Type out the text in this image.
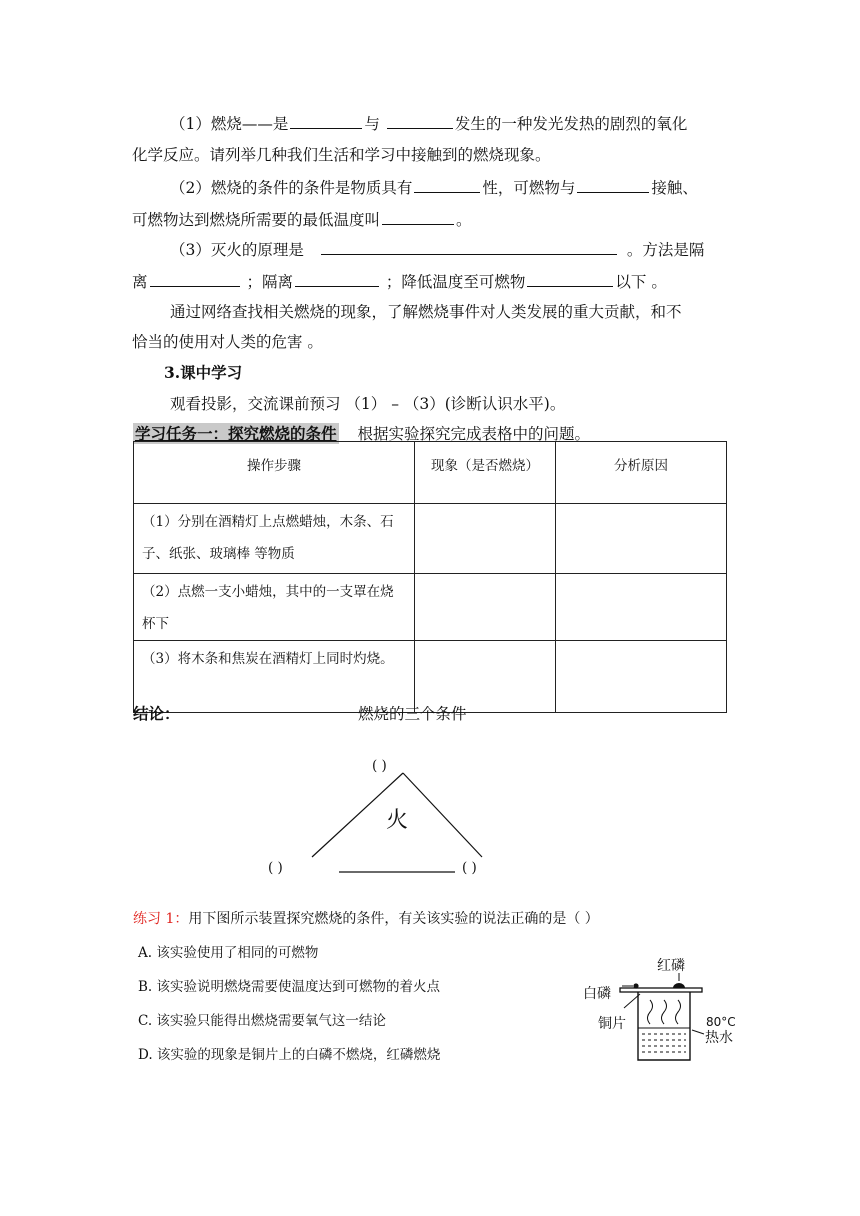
（1）燃烧——是	与	发生的一种发光发热的剧烈的氧化
化学反应。请列举几种我们生活和学习中接触到的燃烧现象。
（2）燃烧的条件的条件是物质具有	性，可燃物与	接触、
可燃物达到燃烧所需要的最低温度叫	。
（3）灭火的原理是	。方法是隔
离	；隔离	；降低温度至可燃物	以下 。
通过网络查找相关燃烧的现象，了解燃烧事件对人类发展的重大贡献，和不
恰当的使用对人类的危害 。
3.课中学习
观看投影，交流课前预习 （1） – （3）(诊断认识水平)。
学习任务一：探究燃烧的条件 根据实验探究完成表格中的问题。
操作步骤	现象（是否燃烧）	分析原因

（1）分别在酒精灯上点燃蜡烛，木条、石
子、纸张、玻璃棒 等物质		

（2）点燃一支小蜡烛，其中的一支罩在烧
杯下		

（3）将木条和焦炭在酒精灯上同时灼烧。		

结论：	燃烧的三个条件
( )
火
( )	( )
练习 1：用下图所示装置探究燃烧的条件，有关该实验的说法正确的是（ ）
A. 该实验使用了相同的可燃物
B. 该实验说明燃烧需要使温度达到可燃物的着火点
C. 该实验只能得出燃烧需要氧气这一结论
D. 该实验的现象是铜片上的白磷不燃烧，红磷燃烧
红磷
白磷
铜片	80°C
热水
